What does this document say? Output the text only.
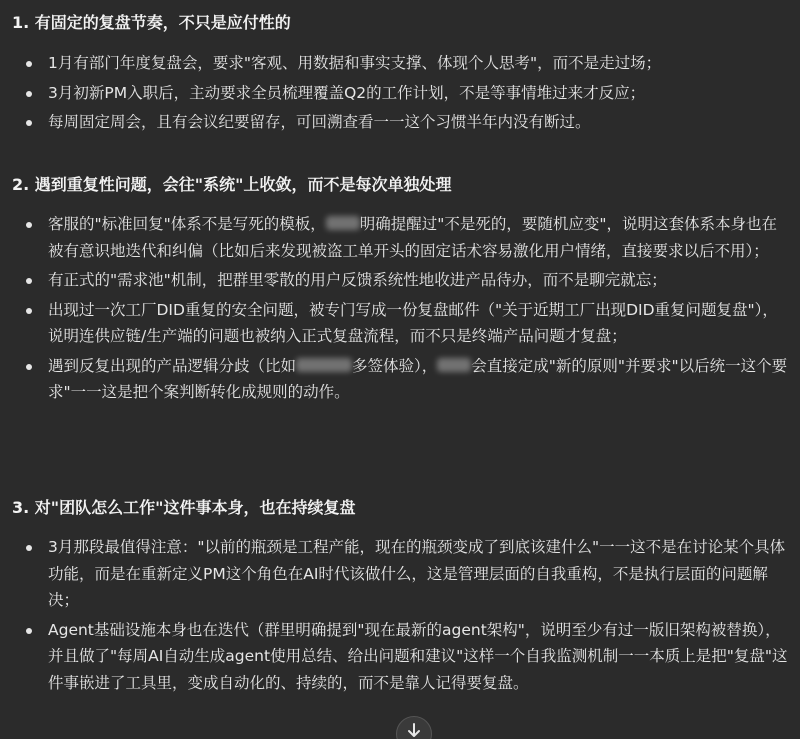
1. 有固定的复盘节奏，不只是应付性的
1月有部门年度复盘会，要求"客观、用数据和事实支撑、体现个人思考"，而不是走过场；
3月初新PM入职后，主动要求全员梳理覆盖Q2的工作计划，不是等事情堆过来才反应；
每周固定周会，且有会议纪要留存，可回溯查看一一这个习惯半年内没有断过。
2. 遇到重复性问题，会往"系统"上收敛，而不是每次单独处理
客服的"标准回复"体系不是写死的模板， 明确提醒过"不是死的，要随机应变"，说明这套体系本身也在被有意识地迭代和纠偏（比如后来发现被盗工单开头的固定话术容易激化用户情绪，直接要求以后不用）；
有正式的"需求池"机制，把群里零散的用户反馈系统性地收进产品待办，而不是聊完就忘；
出现过一次工厂DID重复的安全问题，被专门写成一份复盘邮件（"关于近期工厂出现DID重复问题复盘"），说明连供应链/生产端的问题也被纳入正式复盘流程，而不只是终端产品问题才复盘；
遇到反复出现的产品逻辑分歧（比如	多签体验）， 会直接定成"新的原则"并要求"以后统一这个要求"一一这是把个案判断转化成规则的动作。
3. 对"团队怎么工作"这件事本身，也在持续复盘
3月那段最值得注意："以前的瓶颈是工程产能，现在的瓶颈变成了到底该建什么"一一这不是在讨论某个具体功能，而是在重新定义PM这个角色在AI时代该做什么，这是管理层面的自我重构，不是执行层面的问题解决；
Agent基础设施本身也在迭代（群里明确提到"现在最新的agent架构"，说明至少有过一版旧架构被替换），并且做了"每周AI自动生成agent使用总结、给出问题和建议"这样一个自我监测机制一一本质上是把"复盘"这件事嵌进了工具里，变成自动化的、持续的，而不是靠人记得要复盘。
